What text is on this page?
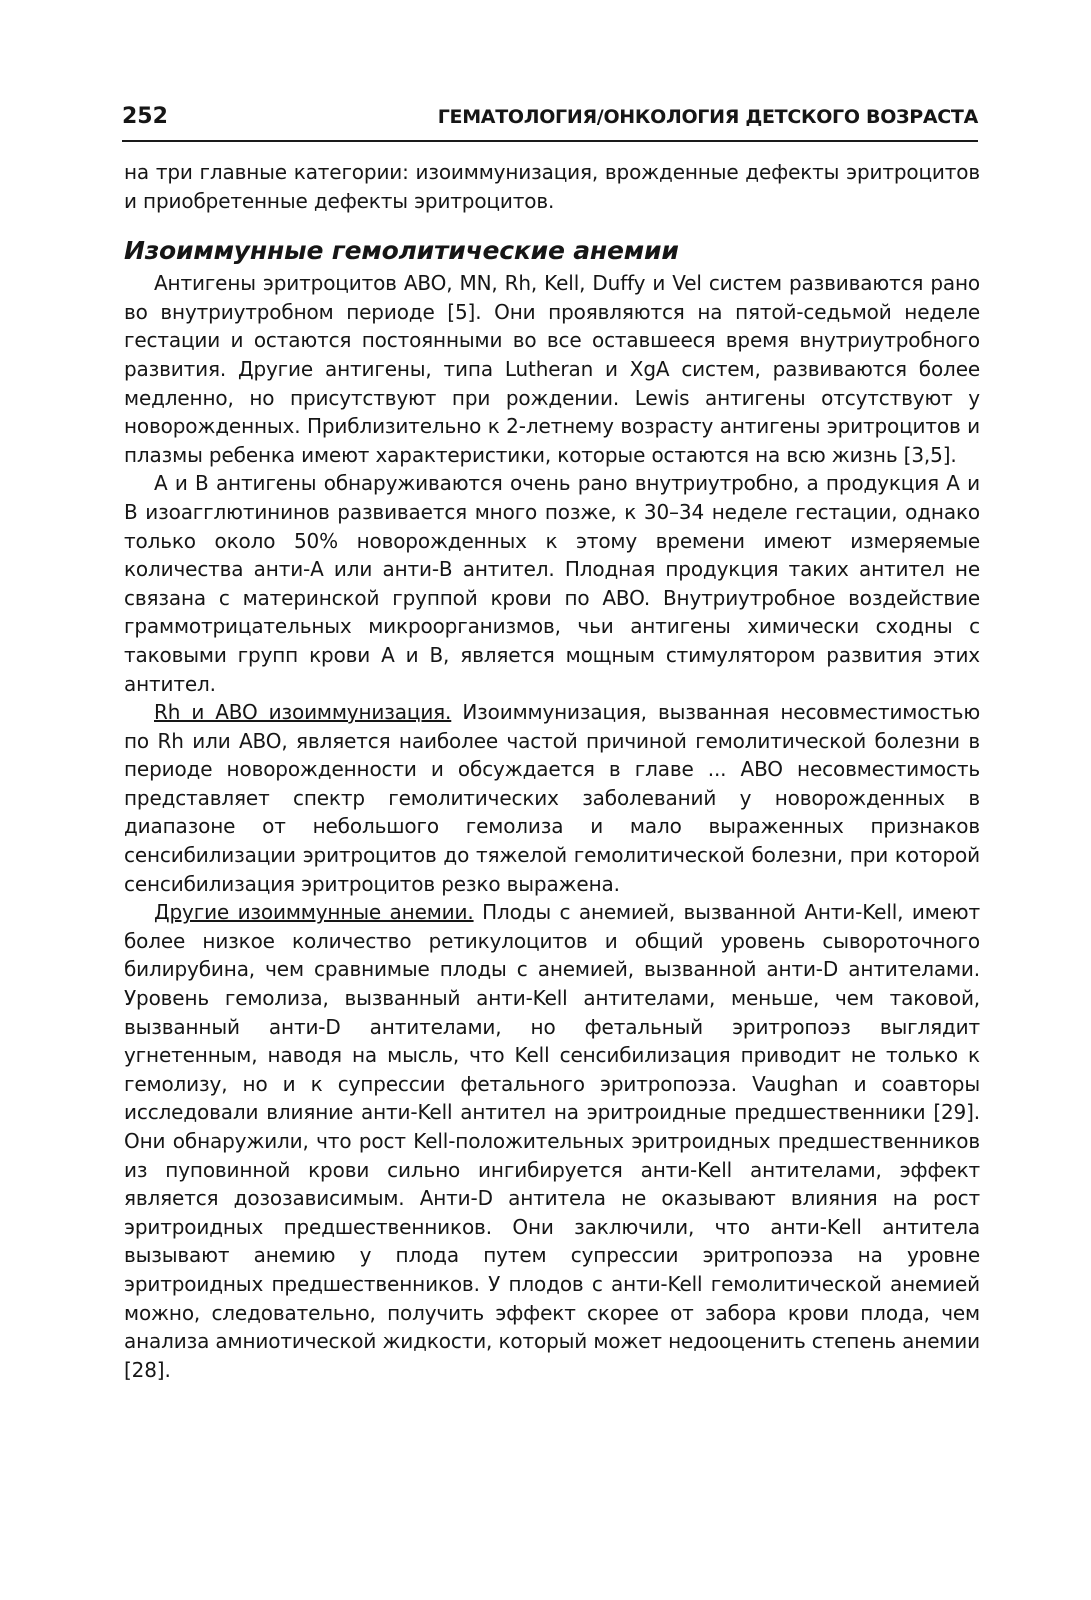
252	ГЕМАТОЛОГИЯ/ОНКОЛОГИЯ ДЕТСКОГО ВОЗРАСТА

на три главные категории: изоиммунизация, врожденные дефекты эритроцитов и приобретенные дефекты эритроцитов.

Изоиммунные гемолитические анемии

Антигены эритроцитов ABO, MN, Rh, Kell, Duffy и Vel систем развиваются рано во внутриутробном периоде [5]. Они проявляются на пятой-седьмой неделе гестации и остаются постоянными во все оставшееся время внутриутробного развития. Другие антигены, типа Lutheran и XgA систем, развиваются более медленно, но присутствуют при рождении. Lewis антигены отсутствуют у новорожденных. Приблизительно к 2-летнему возрасту антигены эритроцитов и плазмы ребенка имеют характеристики, которые остаются на всю жизнь [3,5].

А и В антигены обнаруживаются очень рано внутриутробно, а продукция А и В изоагглютининов развивается много позже, к 30–34 неделе гестации, однако только около 50% новорожденных к этому времени имеют измеряемые количества анти-А или анти-В антител. Плодная продукция таких антител не связана с материнской группой крови по ABO. Внутриутробное воздействие граммотрицательных микроорганизмов, чьи антигены химически сходны с таковыми групп крови А и В, является мощным стимулятором развития этих антител.

Rh и ABO изоиммунизация. Изоиммунизация, вызванная несовместимостью по Rh или ABO, является наиболее частой причиной гемолитической болезни в периоде новорожденности и обсуждается в главе ... ABO несовместимость представляет спектр гемолитических заболеваний у новорожденных в диапазоне от небольшого гемолиза и мало выраженных признаков сенсибилизации эритроцитов до тяжелой гемолитической болезни, при которой сенсибилизация эритроцитов резко выражена.

Другие изоиммунные анемии. Плоды с анемией, вызванной Анти-Kell, имеют более низкое количество ретикулоцитов и общий уровень сывороточного билирубина, чем сравнимые плоды с анемией, вызванной анти-D антителами. Уровень гемолиза, вызванный анти-Kell антителами, меньше, чем таковой, вызванный анти-D антителами, но фетальный эритропоэз выглядит угнетенным, наводя на мысль, что Kell сенсибилизация приводит не только к гемолизу, но и к супрессии фетального эритропоэза. Vaughan и соавторы исследовали влияние анти-Kell антител на эритроидные предшественники [29]. Они обнаружили, что рост Kell-положительных эритроидных предшественников из пуповинной крови сильно ингибируется анти-Kell антителами, эффект является дозозависимым. Анти-D антитела не оказывают влияния на рост эритроидных предшественников. Они заключили, что анти-Kell антитела вызывают анемию у плода путем супрессии эритропоэза на уровне эритроидных предшественников. У плодов с анти-Kell гемолитической анемией можно, следовательно, получить эффект скорее от забора крови плода, чем анализа амниотической жидкости, который может недооценить степень анемии [28].
